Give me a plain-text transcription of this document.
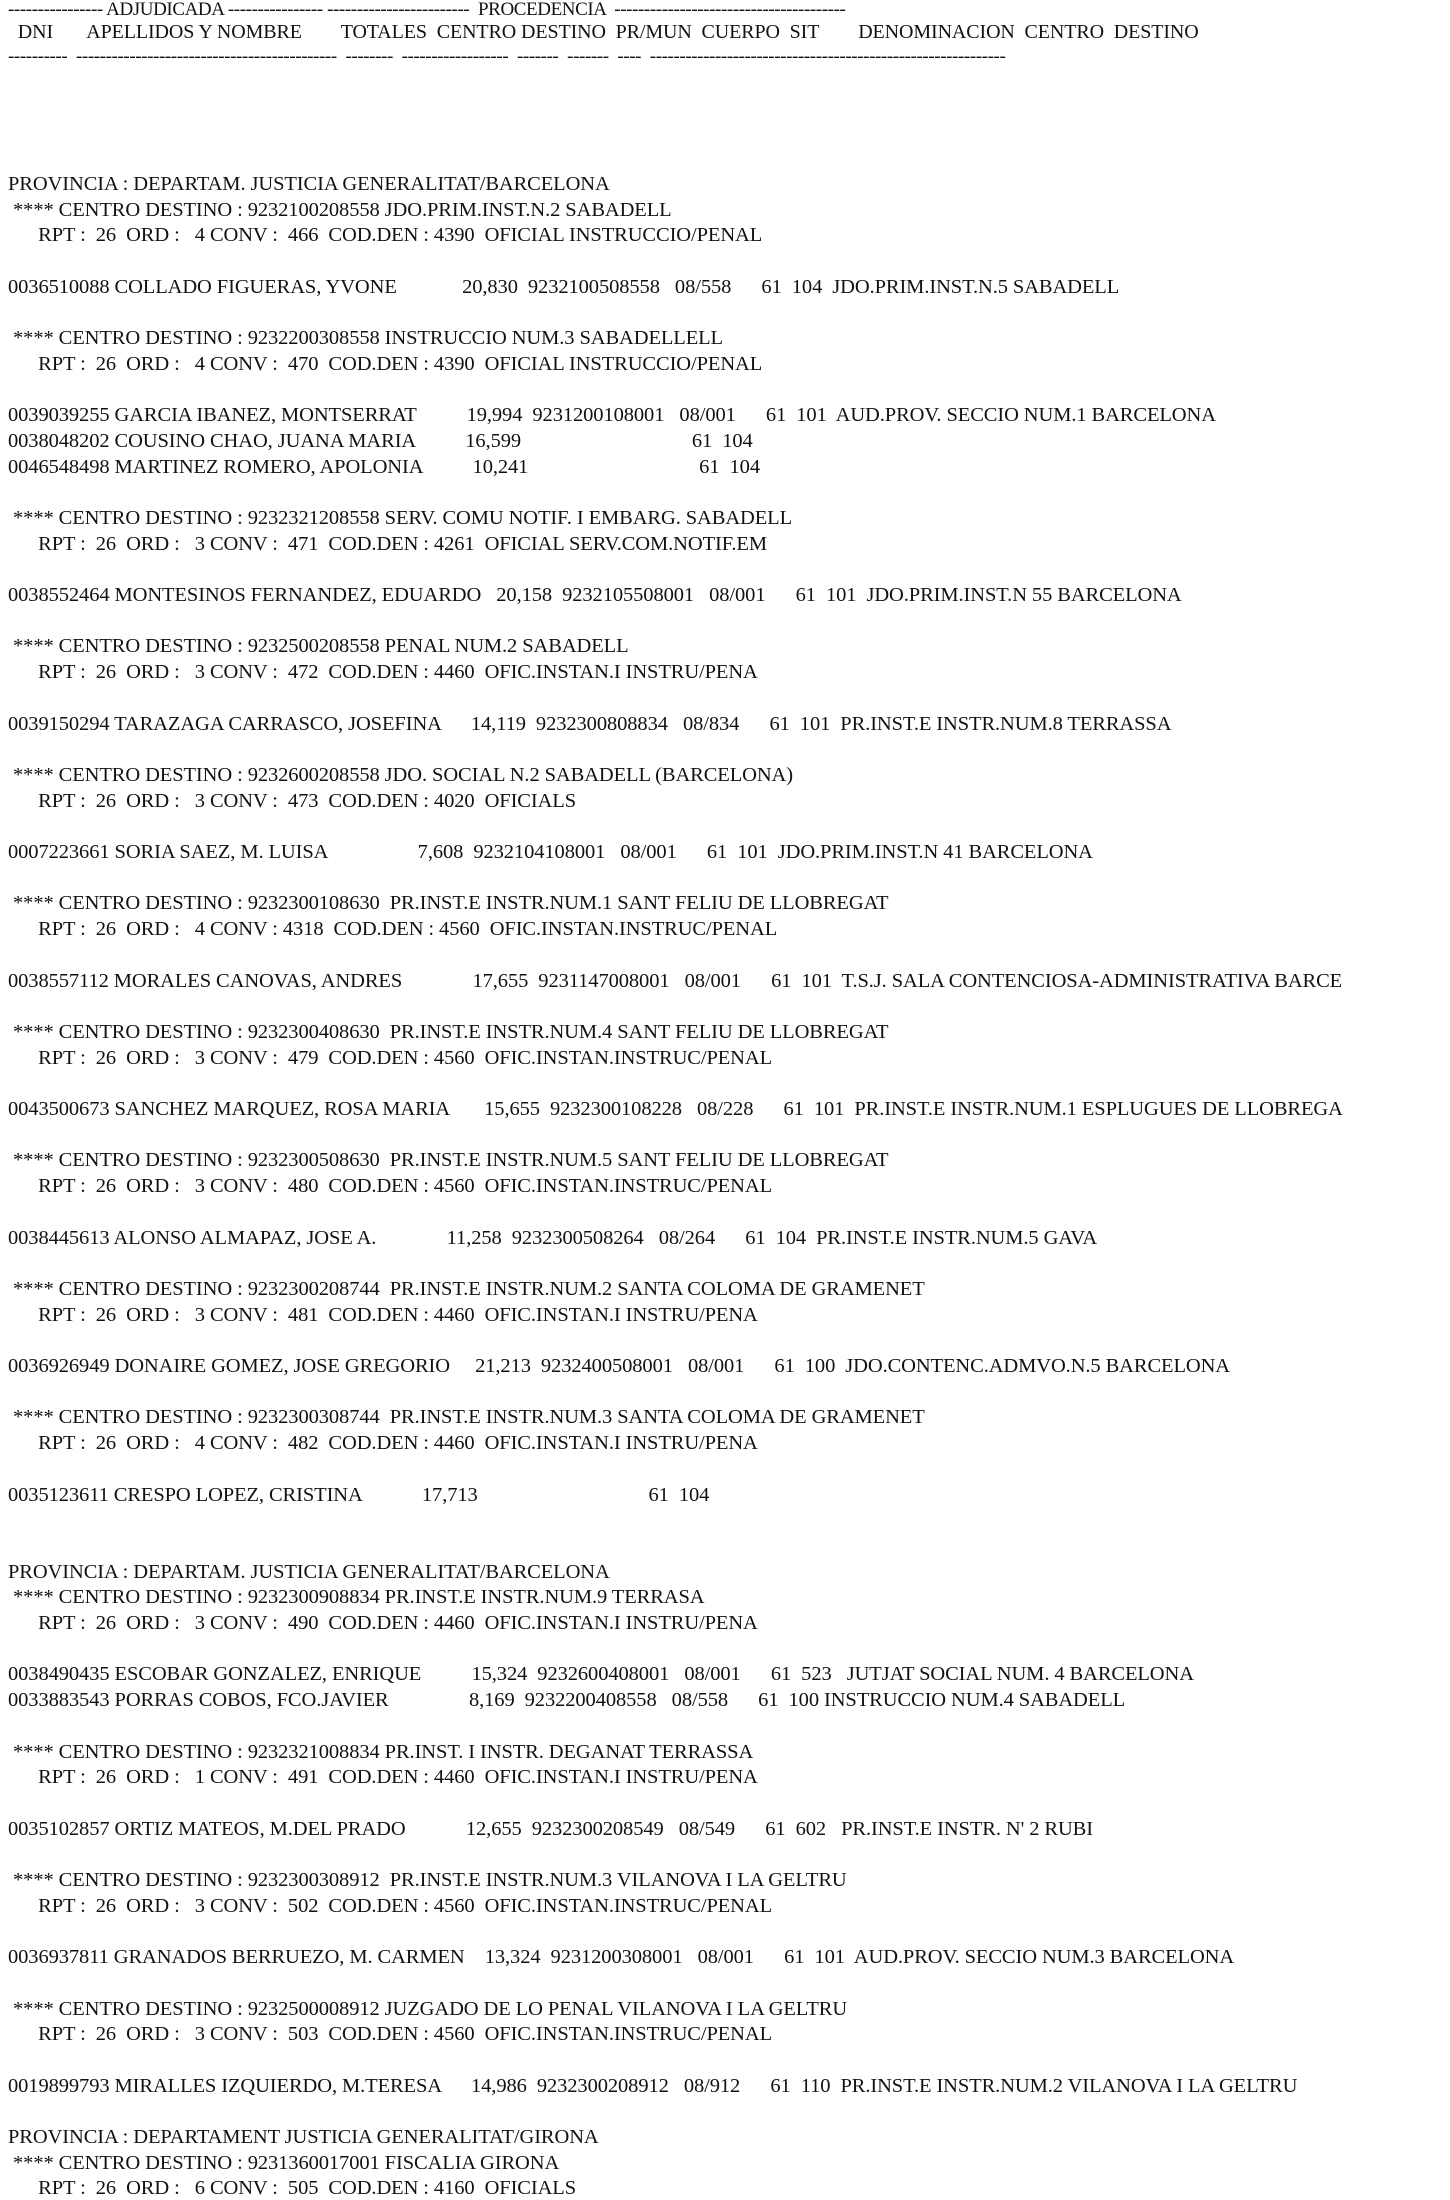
---------------- ADJUDICADA ---------------- ------------------------  PROCEDENCIA  ---------------------------------------
DNI       APELLIDOS Y NOMBRE        TOTALES  CENTRO DESTINO  PR/MUN  CUERPO  SIT        DENOMINACION  CENTRO  DESTINO
----------  --------------------------------------------  --------  ------------------  -------  -------  ----  ------------------------------------------------------------
PROVINCIA : DEPARTAM. JUSTICIA GENERALITAT/BARCELONA
**** CENTRO DESTINO : 9232100208558 JDO.PRIM.INST.N.2 SABADELL
RPT :  26  ORD :   4 CONV :  466  COD.DEN : 4390  OFICIAL INSTRUCCIO/PENAL
0036510088 COLLADO FIGUERAS, YVONE             20,830  9232100508558   08/558      61  104  JDO.PRIM.INST.N.5 SABADELL
**** CENTRO DESTINO : 9232200308558 INSTRUCCIO NUM.3 SABADELLELL
RPT :  26  ORD :   4 CONV :  470  COD.DEN : 4390  OFICIAL INSTRUCCIO/PENAL
0039039255 GARCIA IBANEZ, MONTSERRAT          19,994  9231200108001   08/001      61  101  AUD.PROV. SECCIO NUM.1 BARCELONA
0038048202 COUSINO CHAO, JUANA MARIA          16,599                                  61  104
0046548498 MARTINEZ ROMERO, APOLONIA          10,241                                  61  104
**** CENTRO DESTINO : 9232321208558 SERV. COMU NOTIF. I EMBARG. SABADELL
RPT :  26  ORD :   3 CONV :  471  COD.DEN : 4261  OFICIAL SERV.COM.NOTIF.EM
0038552464 MONTESINOS FERNANDEZ, EDUARDO   20,158  9232105508001   08/001      61  101  JDO.PRIM.INST.N 55 BARCELONA
**** CENTRO DESTINO : 9232500208558 PENAL NUM.2 SABADELL
RPT :  26  ORD :   3 CONV :  472  COD.DEN : 4460  OFIC.INSTAN.I INSTRU/PENA
0039150294 TARAZAGA CARRASCO, JOSEFINA      14,119  9232300808834   08/834      61  101  PR.INST.E INSTR.NUM.8 TERRASSA
**** CENTRO DESTINO : 9232600208558 JDO. SOCIAL N.2 SABADELL (BARCELONA)
RPT :  26  ORD :   3 CONV :  473  COD.DEN : 4020  OFICIALS
0007223661 SORIA SAEZ, M. LUISA                  7,608  9232104108001   08/001      61  101  JDO.PRIM.INST.N 41 BARCELONA
**** CENTRO DESTINO : 9232300108630  PR.INST.E INSTR.NUM.1 SANT FELIU DE LLOBREGAT
RPT :  26  ORD :   4 CONV : 4318  COD.DEN : 4560  OFIC.INSTAN.INSTRUC/PENAL
0038557112 MORALES CANOVAS, ANDRES              17,655  9231147008001   08/001      61  101  T.S.J. SALA CONTENCIOSA-ADMINISTRATIVA BARCE
**** CENTRO DESTINO : 9232300408630  PR.INST.E INSTR.NUM.4 SANT FELIU DE LLOBREGAT
RPT :  26  ORD :   3 CONV :  479  COD.DEN : 4560  OFIC.INSTAN.INSTRUC/PENAL
0043500673 SANCHEZ MARQUEZ, ROSA MARIA       15,655  9232300108228   08/228      61  101  PR.INST.E INSTR.NUM.1 ESPLUGUES DE LLOBREGA
**** CENTRO DESTINO : 9232300508630  PR.INST.E INSTR.NUM.5 SANT FELIU DE LLOBREGAT
RPT :  26  ORD :   3 CONV :  480  COD.DEN : 4560  OFIC.INSTAN.INSTRUC/PENAL
0038445613 ALONSO ALMAPAZ, JOSE A.              11,258  9232300508264   08/264      61  104  PR.INST.E INSTR.NUM.5 GAVA
**** CENTRO DESTINO : 9232300208744  PR.INST.E INSTR.NUM.2 SANTA COLOMA DE GRAMENET
RPT :  26  ORD :   3 CONV :  481  COD.DEN : 4460  OFIC.INSTAN.I INSTRU/PENA
0036926949 DONAIRE GOMEZ, JOSE GREGORIO     21,213  9232400508001   08/001      61  100  JDO.CONTENC.ADMVO.N.5 BARCELONA
**** CENTRO DESTINO : 9232300308744  PR.INST.E INSTR.NUM.3 SANTA COLOMA DE GRAMENET
RPT :  26  ORD :   4 CONV :  482  COD.DEN : 4460  OFIC.INSTAN.I INSTRU/PENA
0035123611 CRESPO LOPEZ, CRISTINA            17,713                                  61  104
PROVINCIA : DEPARTAM. JUSTICIA GENERALITAT/BARCELONA
**** CENTRO DESTINO : 9232300908834 PR.INST.E INSTR.NUM.9 TERRASA
RPT :  26  ORD :   3 CONV :  490  COD.DEN : 4460  OFIC.INSTAN.I INSTRU/PENA
0038490435 ESCOBAR GONZALEZ, ENRIQUE          15,324  9232600408001   08/001      61  523   JUTJAT SOCIAL NUM. 4 BARCELONA
0033883543 PORRAS COBOS, FCO.JAVIER                8,169  9232200408558   08/558      61  100 INSTRUCCIO NUM.4 SABADELL
**** CENTRO DESTINO : 9232321008834 PR.INST. I INSTR. DEGANAT TERRASSA
RPT :  26  ORD :   1 CONV :  491  COD.DEN : 4460  OFIC.INSTAN.I INSTRU/PENA
0035102857 ORTIZ MATEOS, M.DEL PRADO            12,655  9232300208549   08/549      61  602   PR.INST.E INSTR. N' 2 RUBI
**** CENTRO DESTINO : 9232300308912  PR.INST.E INSTR.NUM.3 VILANOVA I LA GELTRU
RPT :  26  ORD :   3 CONV :  502  COD.DEN : 4560  OFIC.INSTAN.INSTRUC/PENAL
0036937811 GRANADOS BERRUEZO, M. CARMEN    13,324  9231200308001   08/001      61  101  AUD.PROV. SECCIO NUM.3 BARCELONA
**** CENTRO DESTINO : 9232500008912 JUZGADO DE LO PENAL VILANOVA I LA GELTRU
RPT :  26  ORD :   3 CONV :  503  COD.DEN : 4560  OFIC.INSTAN.INSTRUC/PENAL
0019899793 MIRALLES IZQUIERDO, M.TERESA      14,986  9232300208912   08/912      61  110  PR.INST.E INSTR.NUM.2 VILANOVA I LA GELTRU
PROVINCIA : DEPARTAMENT JUSTICIA GENERALITAT/GIRONA
**** CENTRO DESTINO : 9231360017001 FISCALIA GIRONA
RPT :  26  ORD :   6 CONV :  505  COD.DEN : 4160  OFICIALS
